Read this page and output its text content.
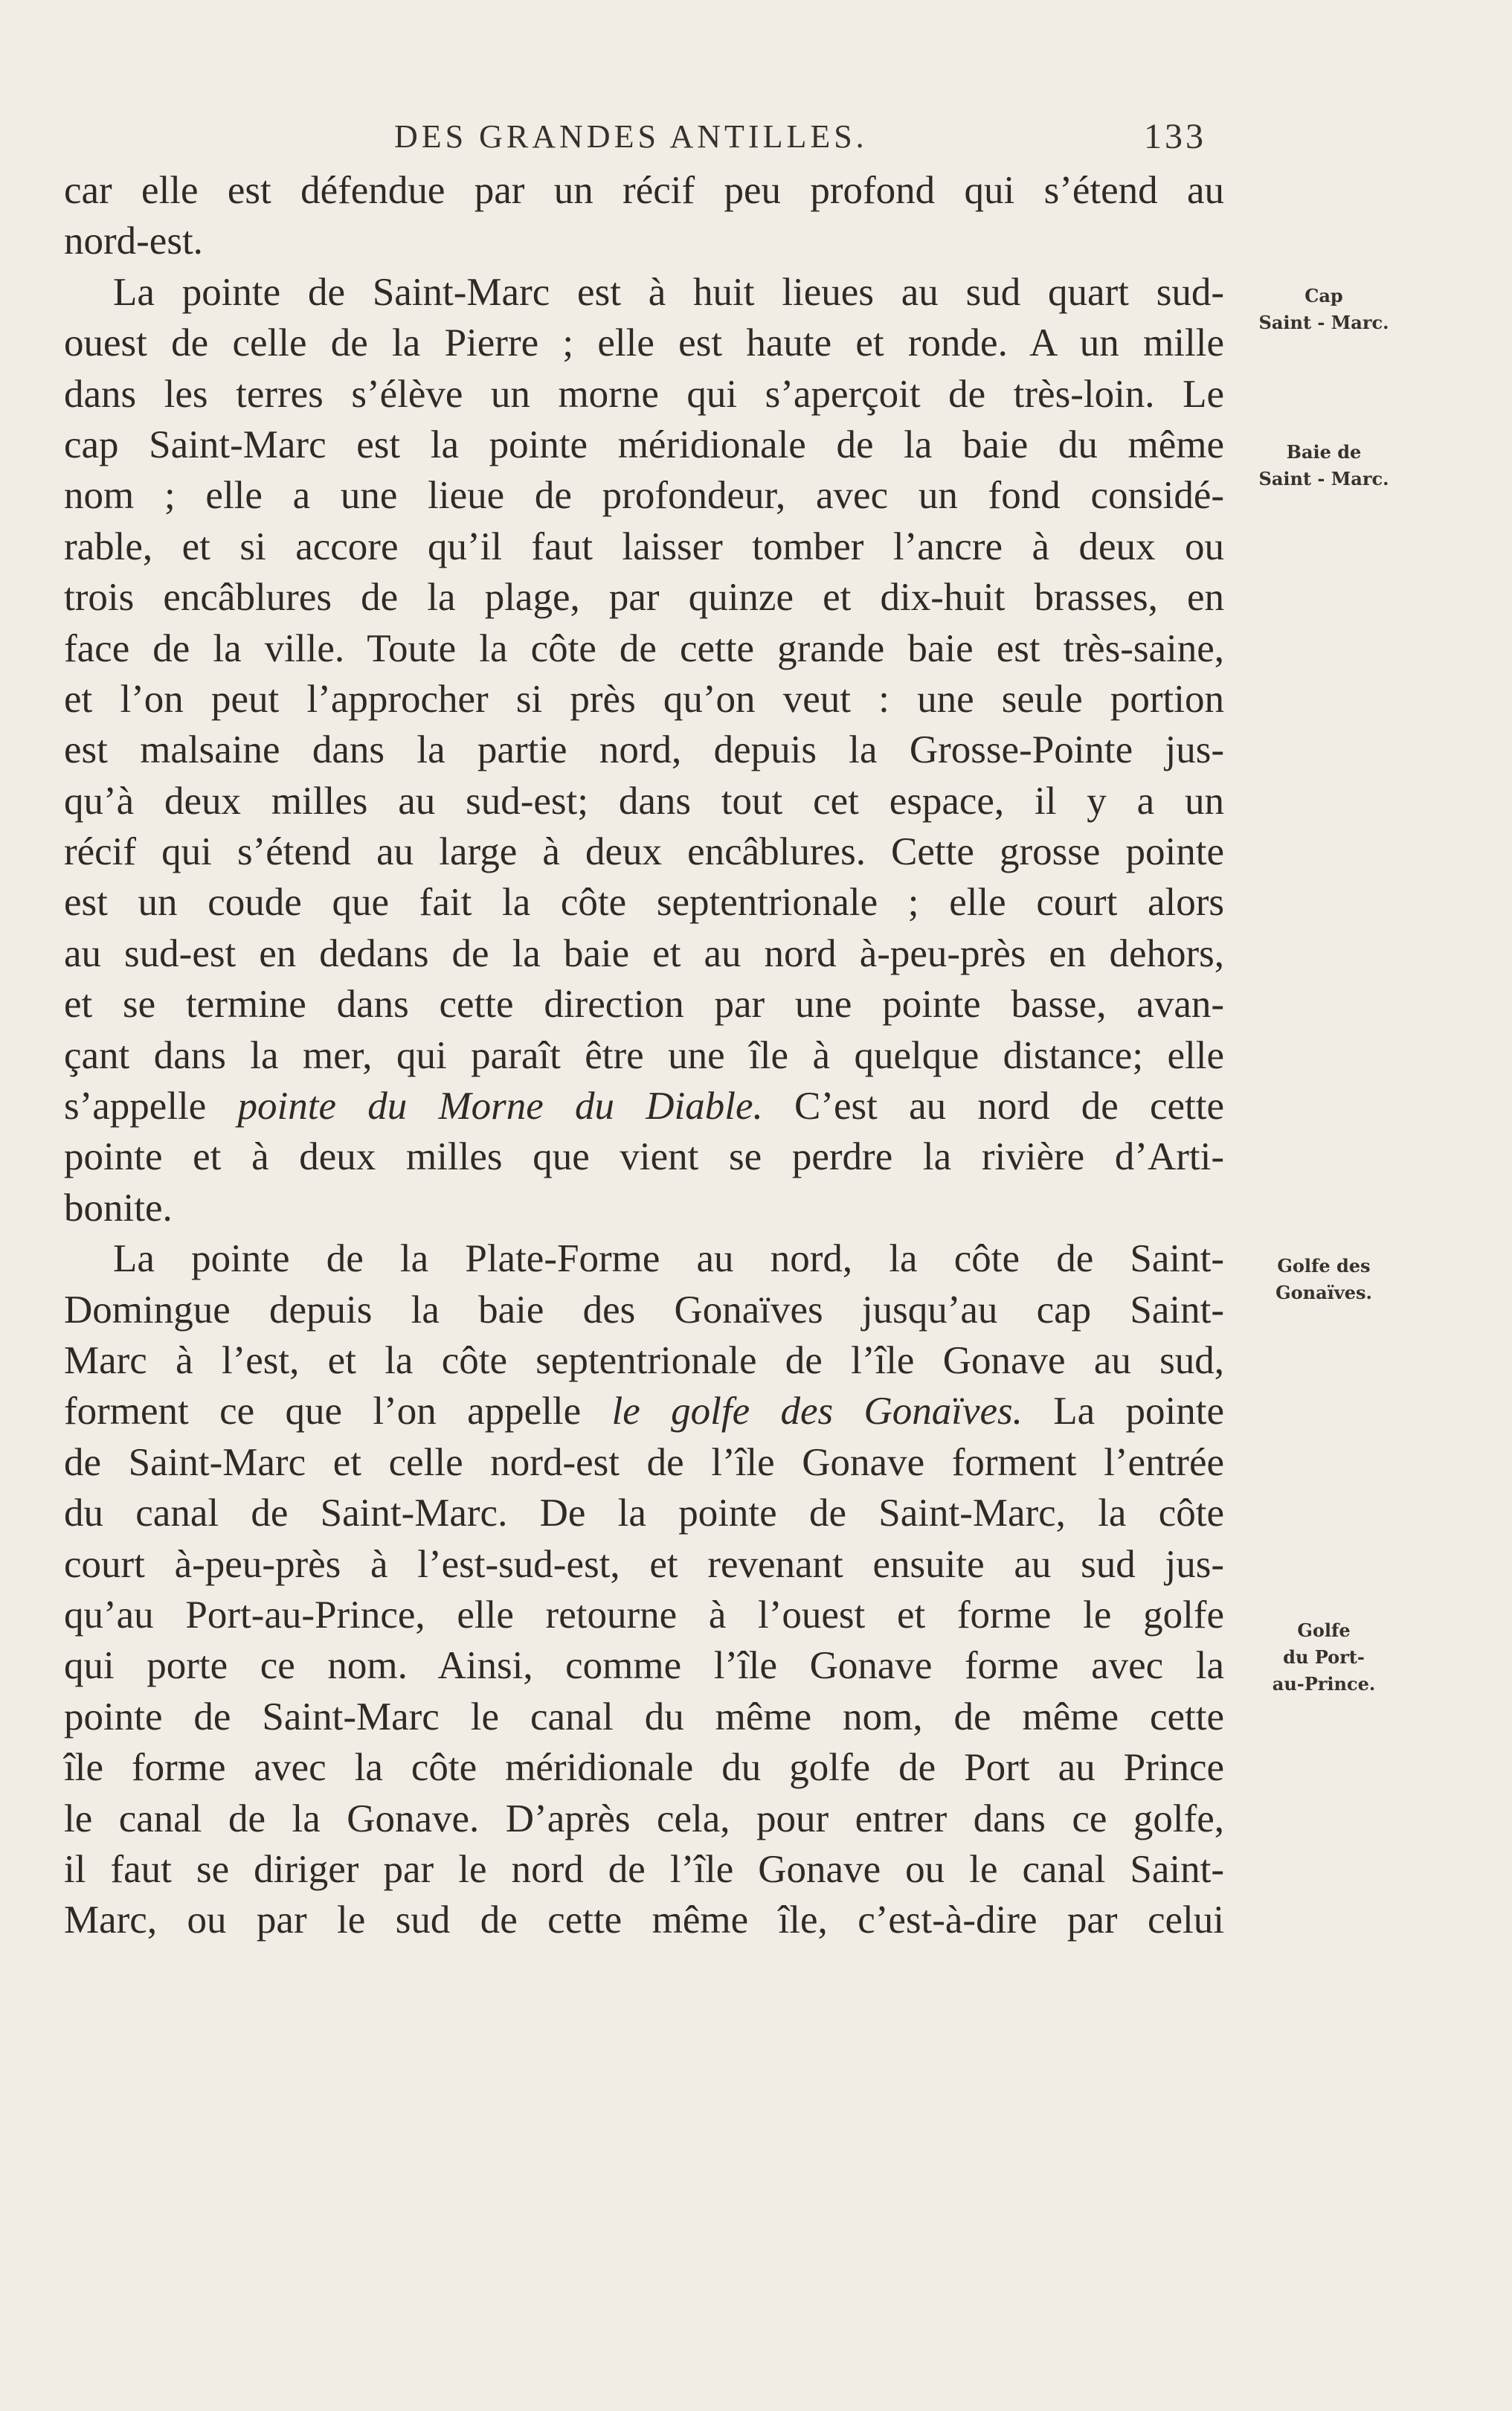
DES GRANDES ANTILLES.	133
car elle est défendue par un récif peu profond qui s’étend au
nord-est.
La pointe de Saint-Marc est à huit lieues au sud quart sud-
ouest de celle de la Pierre ; elle est haute et ronde. A un mille
dans les terres s’élève un morne qui s’aperçoit de très-loin. Le
cap Saint-Marc est la pointe méridionale de la baie du même
nom ; elle a une lieue de profondeur, avec un fond considé-
rable, et si accore qu’il faut laisser tomber l’ancre à deux ou
trois encâblures de la plage, par quinze et dix-huit brasses, en
face de la ville. Toute la côte de cette grande baie est très-saine,
et l’on peut l’approcher si près qu’on veut : une seule portion
est malsaine dans la partie nord, depuis la Grosse-Pointe jus-
qu’à deux milles au sud-est; dans tout cet espace, il y a un
récif qui s’étend au large à deux encâblures. Cette grosse pointe
est un coude que fait la côte septentrionale ; elle court alors
au sud-est en dedans de la baie et au nord à-peu-près en dehors,
et se termine dans cette direction par une pointe basse, avan-
çant dans la mer, qui paraît être une île à quelque distance; elle
s’appelle pointe du Morne du Diable. C’est au nord de cette
pointe et à deux milles que vient se perdre la rivière d’Arti-
bonite.
La pointe de la Plate-Forme au nord, la côte de Saint-
Domingue depuis la baie des Gonaïves jusqu’au cap Saint-
Marc à l’est, et la côte septentrionale de l’île Gonave au sud,
forment ce que l’on appelle le golfe des Gonaïves. La pointe
de Saint-Marc et celle nord-est de l’île Gonave forment l’entrée
du canal de Saint-Marc. De la pointe de Saint-Marc, la côte
court à-peu-près à l’est-sud-est, et revenant ensuite au sud jus-
qu’au Port-au-Prince, elle retourne à l’ouest et forme le golfe
qui porte ce nom. Ainsi, comme l’île Gonave forme avec la
pointe de Saint-Marc le canal du même nom, de même cette
île forme avec la côte méridionale du golfe de Port au Prince
le canal de la Gonave. D’après cela, pour entrer dans ce golfe,
il faut se diriger par le nord de l’île Gonave ou le canal Saint-
Marc, ou par le sud de cette même île, c’est-à-dire par celui
Cap
Saint - Marc.
Baie de
Saint - Marc.
Golfe des
Gonaïves.
Golfe
du Port-
au-Prince.
